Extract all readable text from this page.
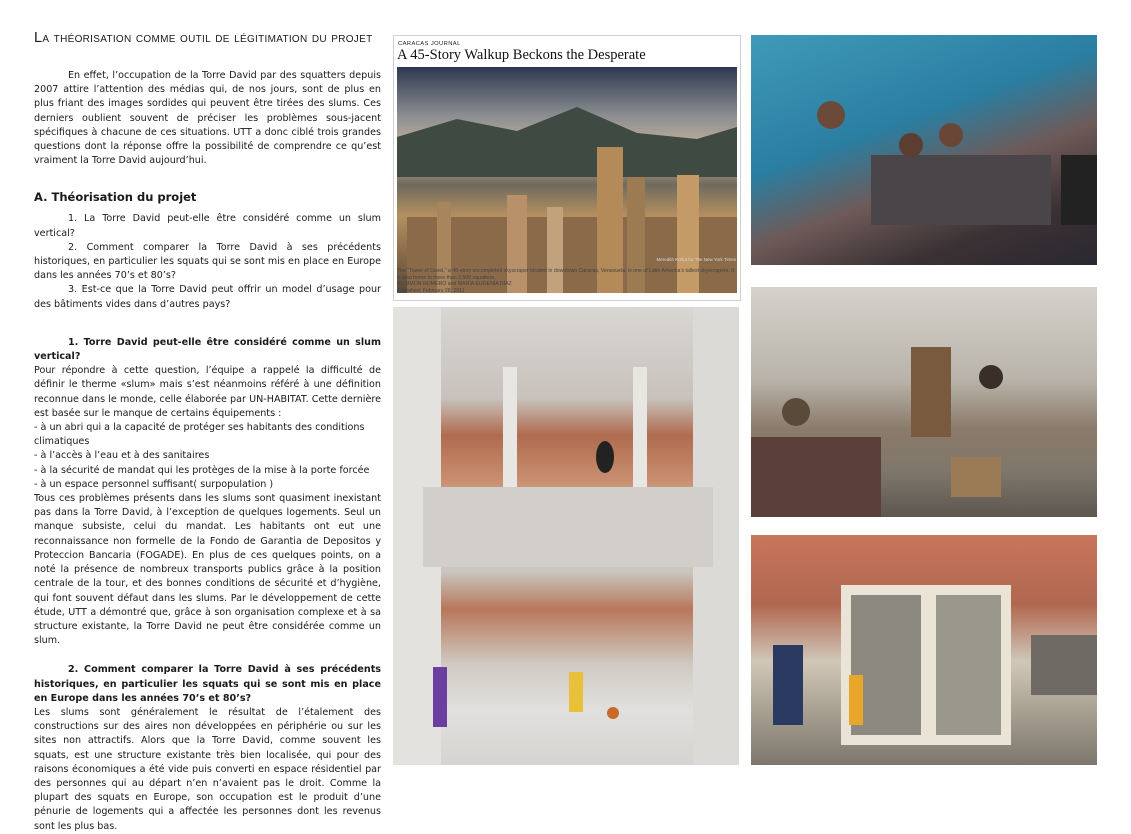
La théorisation comme outil de légitimation du projet

En effet, l’occupation de la Torre David par des squatters depuis 2007 attire l’attention des médias qui, de nos jours, sont de plus en plus friant des images sordides qui peuvent être tirées des slums. Ces derniers oublient souvent de préciser les problèmes sous-jacent spécifiques à chacune de ces situations. UTT a donc ciblé trois grandes questions dont la réponse offre la possibilité de comprendre ce qu’est vraiment la Torre David aujourd’hui.

A. Théorisation du projet

1. La Torre David peut-elle être considéré comme un slum vertical?

2. Comment comparer la Torre David à ses précédents historiques, en particulier les squats qui se sont mis en place en Europe dans les années 70’s et 80’s?

3. Est-ce que la Torre David peut offrir un model d’usage pour des bâtiments vides dans d’autres pays?

1. Torre David peut-elle être considéré comme un slum vertical?

Pour répondre à cette question, l’équipe a rappelé la difficulté de définir le therme «slum» mais s’est néanmoins référé à une définition reconnue dans le monde, celle élaborée par UN-HABITAT. Cette dernière est basée sur le manque de certains équipements :

- à un abri qui a la capacité de protéger ses habitants des conditions climatiques

- à l’accès à l’eau et à des sanitaires

- à la sécurité de mandat qui les protèges de la mise à la porte forcée

- à un espace personnel suffisant( surpopulation )

Tous ces problèmes présents dans les slums sont quasiment inexistant pas dans la Torre David, à l’exception de quelques logements. Seul un manque subsiste, celui du mandat. Les habitants ont eut une reconnaissance non formelle de la Fondo de Garantia de Depositos y Proteccion Bancaria (FOGADE). En plus de ces quelques points, on a noté la présence de nombreux transports publics grâce à la position centrale de la tour, et des bonnes conditions de sécurité et d’hygiène, qui font souvent défaut dans les slums. Par le développement de cette étude, UTT a démontré que, grâce à son organisation complexe et à sa structure existante, la Torre David ne peut être considérée comme un slum.

2. Comment comparer la Torre David à ses précédents historiques, en particulier les squats qui se sont mis en place en Europe dans les années 70’s et 80’s?

Les slums sont généralement le résultat de l’étalement des constructions sur des aires non développées en périphérie ou sur les sites non attractifs. Alors que la Torre David, comme souvent les squats, est une structure existante très bien localisée, qui pour des raisons économiques a été vide puis converti en espace résidentiel par des personnes qui au départ n’en n’avaient pas le droit. Comme la plupart des squats en Europe, son occupation est le produit d’une pénurie de logements qui a affectée les personnes dont les revenus sont les plus bas.

CARACAS JOURNAL
A 45-Story Walkup Beckons the Desperate
Meredith Kohut for The New York Times
The “Tower of David,” a 45-story uncompleted skyscraper located in downtown Caracas, Venezuela, is one of Latin America’s tallest skyscrapers. It is also home to more than 2,500 squatters.
By SIMON ROMERO and MARÍA EUGENIA DÍAZ
Published: February 28, 2011
